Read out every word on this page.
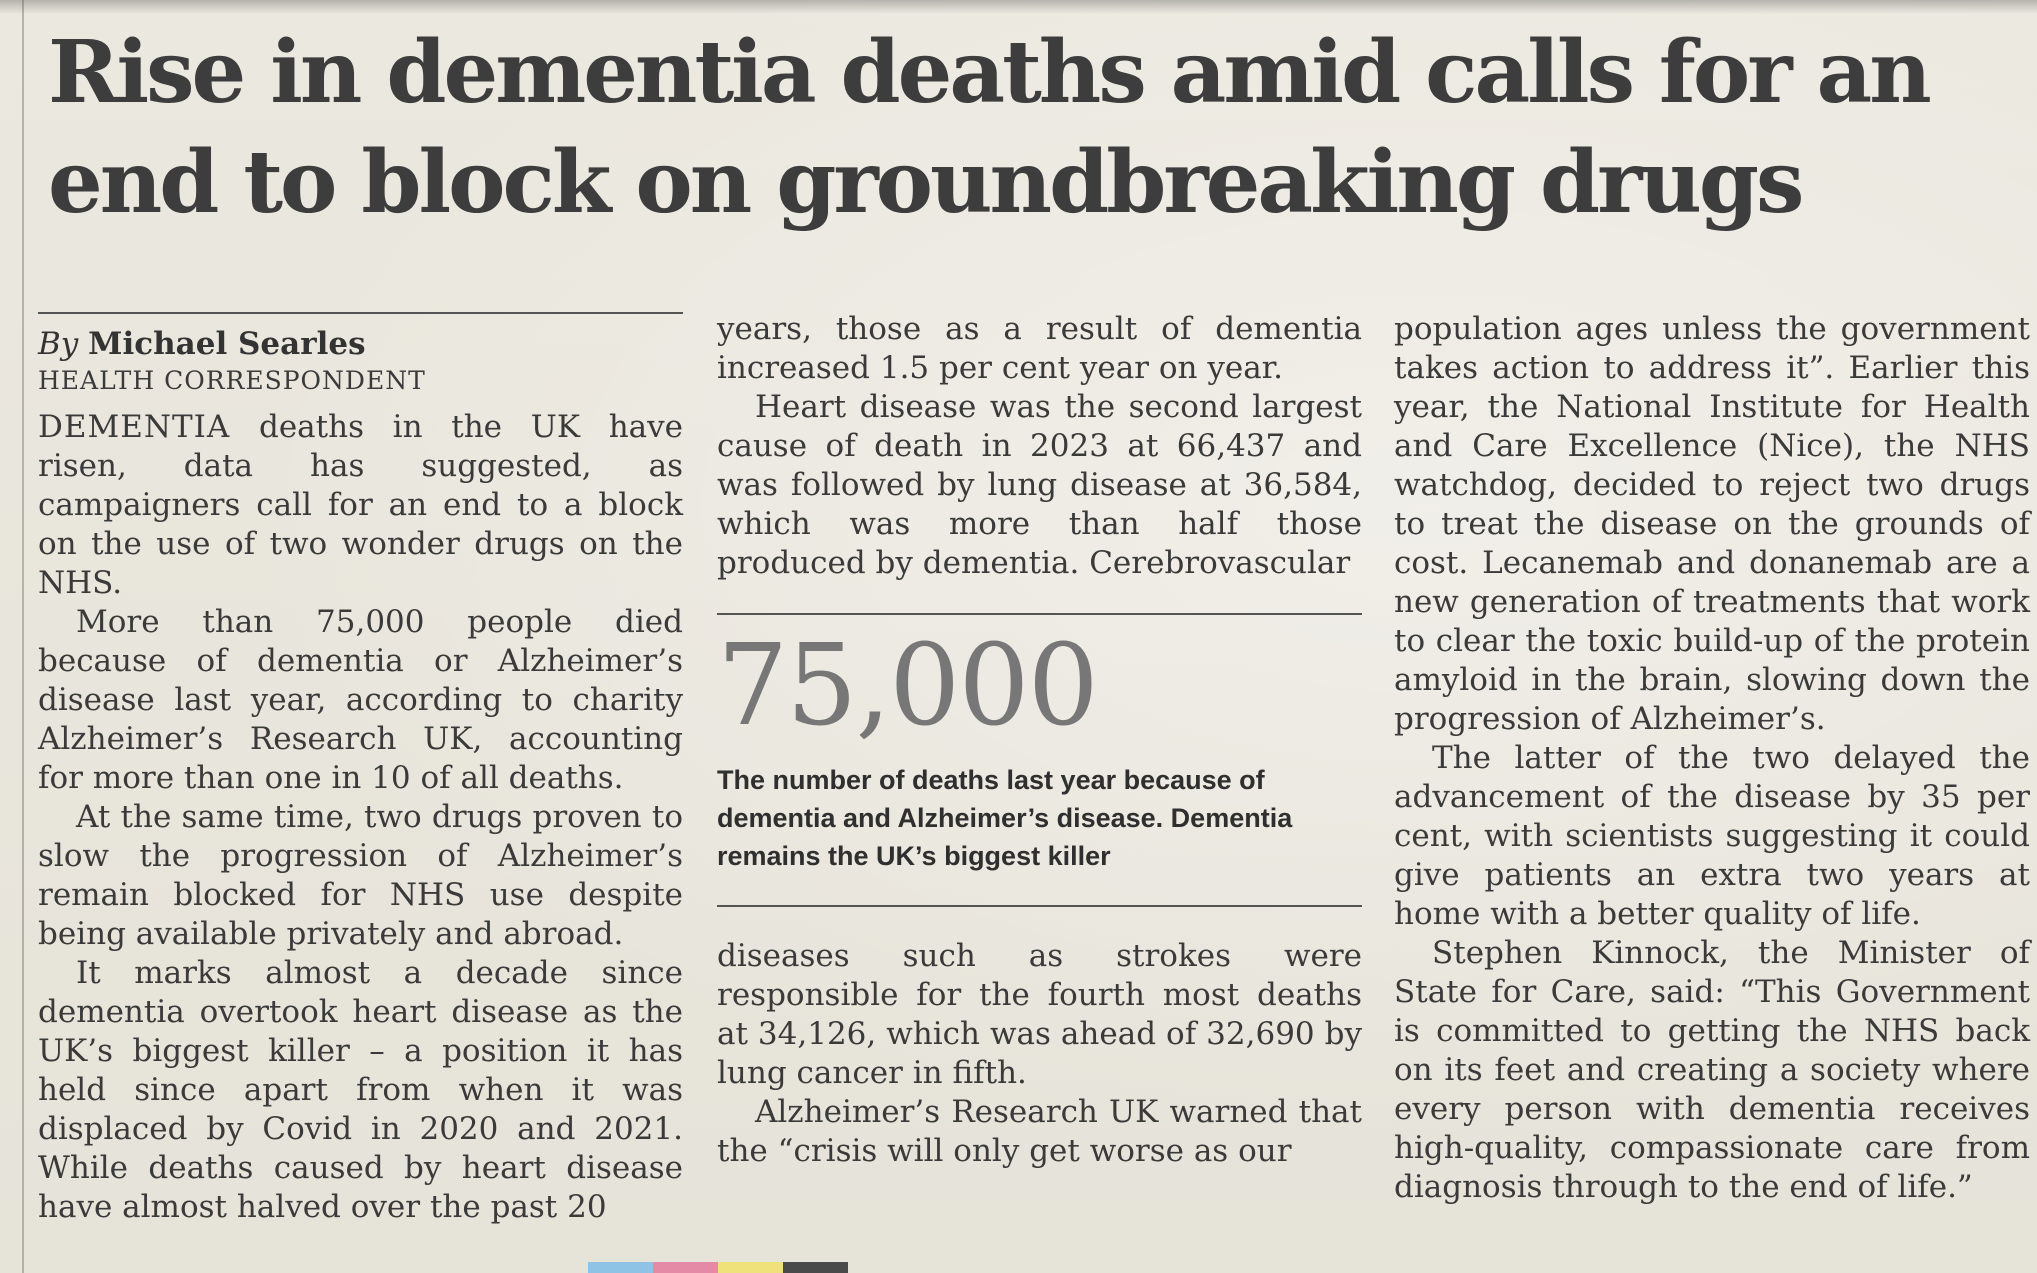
Rise in dementia deaths amid calls for an end to block on groundbreaking drugs
By Michael Searles
HEALTH CORRESPONDENT

DEMENTIA deaths in the UK have risen, data has suggested, as campaigners call for an end to a block on the use of two wonder drugs on the NHS.

More than 75,000 people died because of dementia or Alzheimer’s disease last year, according to charity Alzheimer’s Research UK, accounting for more than one in 10 of all deaths.

At the same time, two drugs proven to slow the progression of Alzheimer’s remain blocked for NHS use despite being available privately and abroad.

It marks almost a decade since dementia overtook heart disease as the UK’s biggest killer – a position it has held since apart from when it was displaced by Covid in 2020 and 2021. While deaths caused by heart disease have almost halved over the past 20

years, those as a result of dementia increased 1.5 per cent year on year.

Heart disease was the second largest cause of death in 2023 at 66,437 and was followed by lung disease at 36,584, which was more than half those produced by dementia. Cerebrovascular

75,000
The number of deaths last year because of dementia and Alzheimer’s disease. Dementia remains the UK’s biggest killer

diseases such as strokes were responsible for the fourth most deaths at 34,126, which was ahead of 32,690 by lung cancer in fifth.

Alzheimer’s Research UK warned that the “crisis will only get worse as our

population ages unless the government takes action to address it”. Earlier this year, the National Institute for Health and Care Excellence (Nice), the NHS watchdog, decided to reject two drugs to treat the disease on the grounds of cost. Lecanemab and donanemab are a new generation of treatments that work to clear the toxic build-up of the protein amyloid in the brain, slowing down the progression of Alzheimer’s.

The latter of the two delayed the advancement of the disease by 35 per cent, with scientists suggesting it could give patients an extra two years at home with a better quality of life.

Stephen Kinnock, the Minister of State for Care, said: “This Government is committed to getting the NHS back on its feet and creating a society where every person with dementia receives high-quality, compassionate care from diagnosis through to the end of life.”
